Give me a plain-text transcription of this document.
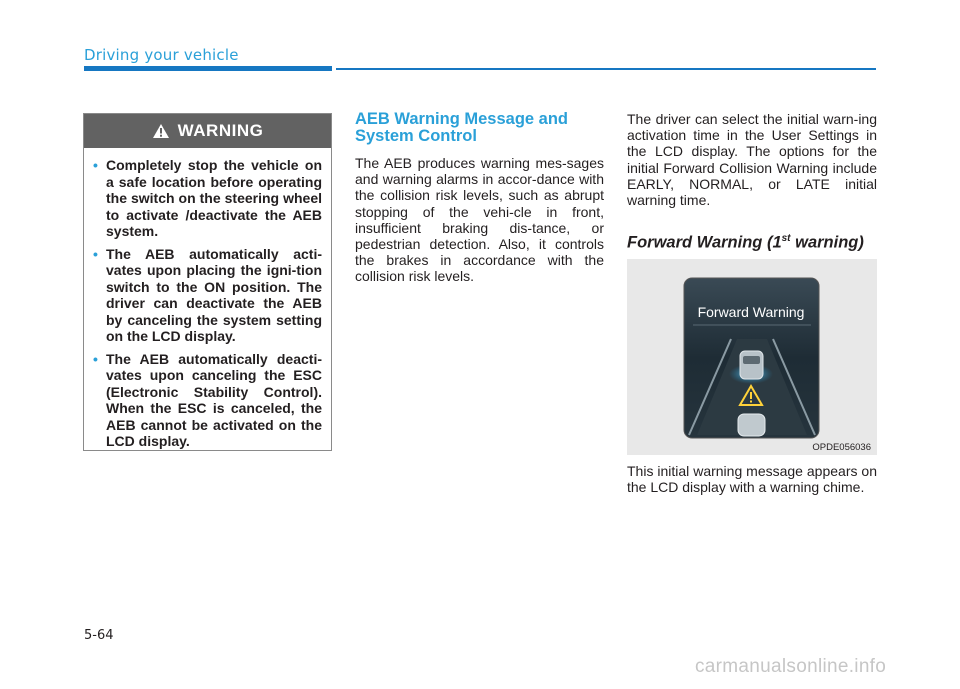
Driving your vehicle
WARNING
• Completely stop the vehicle on a safe location before operating the switch on the steering wheel to activate /deactivate the AEB system.
• The AEB automatically acti-vates upon placing the igni-tion switch to the ON position. The driver can deactivate the AEB by canceling the system setting on the LCD display.
• The AEB automatically deacti-vates upon canceling the ESC (Electronic Stability Control). When the ESC is canceled, the AEB cannot be activated on the LCD display.
AEB Warning Message and System Control

The AEB produces warning mes-sages and warning alarms in accor-dance with the collision risk levels, such as abrupt stopping of the vehi-cle in front, insufficient braking dis-tance, or pedestrian detection. Also, it controls the brakes in accordance with the collision risk levels.

The driver can select the initial warn-ing activation time in the User Settings in the LCD display. The options for the initial Forward Collision Warning include EARLY, NORMAL, or LATE initial warning time.

Forward Warning (1st warning)
Forward Warning
OPDE056036

This initial warning message appears on the LCD display with a warning chime.

5-64
carmanualsonline.info
